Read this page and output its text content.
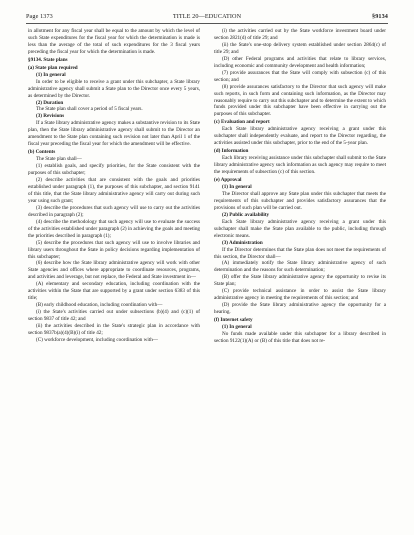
Page 1373	TITLE 20—EDUCATION	§9134

in allotment for any fiscal year shall be equal to the amount by which the level of such State expenditures for the fiscal year for which the determination is made is less than the average of the total of such expenditures for the 3 fiscal years preceding the fiscal year for which the determination is made.

§9134. State plans

(a) State plan required

(1) In general

In order to be eligible to receive a grant under this subchapter, a State library administrative agency shall submit a State plan to the Director once every 5 years, as determined by the Director.

(2) Duration

The State plan shall cover a period of 5 fiscal years.

(3) Revisions

If a State library administrative agency makes a substantive revision to its State plan, then the State library administrative agency shall submit to the Director an amendment to the State plan containing such revision not later than April 1 of the fiscal year preceding the fiscal year for which the amendment will be effective.

(b) Contents

The State plan shall—

(1) establish goals, and specify priorities, for the State consistent with the purposes of this subchapter;

(2) describe activities that are consistent with the goals and priorities established under paragraph (1), the purposes of this subchapter, and section 9141 of this title, that the State library administrative agency will carry out during such year using such grant;

(3) describe the procedures that such agency will use to carry out the activities described in paragraph (2);

(4) describe the methodology that such agency will use to evaluate the success of the activities established under paragraph (2) in achieving the goals and meeting the priorities described in paragraph (1);

(5) describe the procedures that such agency will use to involve libraries and library users throughout the State in policy decisions regarding implementation of this subchapter;

(6) describe how the State library administrative agency will work with other State agencies and offices where appropriate to coordinate resources, programs, and activities and leverage, but not replace, the Federal and State investment in—

(A) elementary and secondary education, including coordination with the activities within the State that are supported by a grant under section 6383 of this title;

(B) early childhood education, including coordination with—

(i) the State's activities carried out under subsections (b)(4) and (c)(1) of section 9837 of title 42; and

(ii) the activities described in the State's strategic plan in accordance with section 9837b(a)(4)(B)(i) of title 42;

(C) workforce development, including coordination with—

(i) the activities carried out by the State workforce investment board under section 2821(d) of title 29; and

(ii) the State's one-stop delivery system established under section 2864(c) of title 29; and

(D) other Federal programs and activities that relate to library services, including economic and community development and health information;

(7) provide assurances that the State will comply with subsection (c) of this section; and

(8) provide assurances satisfactory to the Director that such agency will make such reports, in such form and containing such information, as the Director may reasonably require to carry out this subchapter and to determine the extent to which funds provided under this subchapter have been effective in carrying out the purposes of this subchapter.

(c) Evaluation and report

Each State library administrative agency receiving a grant under this subchapter shall independently evaluate, and report to the Director regarding, the activities assisted under this subchapter, prior to the end of the 5-year plan.

(d) Information

Each library receiving assistance under this subchapter shall submit to the State library administrative agency such information as such agency may require to meet the requirements of subsection (c) of this section.

(e) Approval

(1) In general

The Director shall approve any State plan under this subchapter that meets the requirements of this subchapter and provides satisfactory assurances that the provisions of such plan will be carried out.

(2) Public availability

Each State library administrative agency receiving a grant under this subchapter shall make the State plan available to the public, including through electronic means.

(3) Administration

If the Director determines that the State plan does not meet the requirements of this section, the Director shall—

(A) immediately notify the State library administrative agency of such determination and the reasons for such determination;

(B) offer the State library administrative agency the opportunity to revise its State plan;

(C) provide technical assistance in order to assist the State library administrative agency in meeting the requirements of this section; and

(D) provide the State library administrative agency the opportunity for a hearing.

(f) Internet safety

(1) In general

No funds made available under this subchapter for a library described in section 9122(1)(A) or (B) of this title that does not re-
